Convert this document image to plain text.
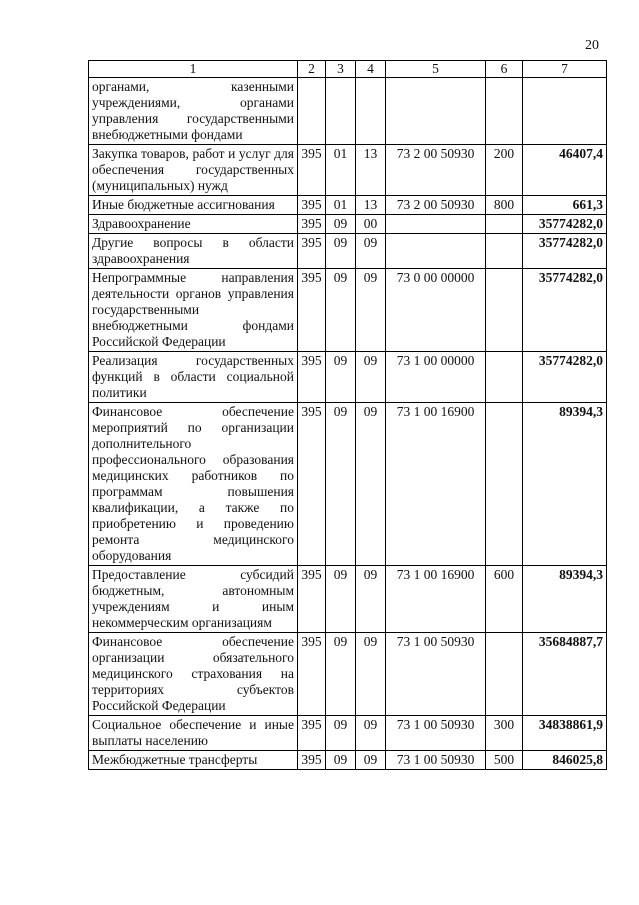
20
1	2	3	4	5	6	7
органами, казенными учреждениями, органами управления государственными внебюджетными фондами						
Закупка товаров, работ и услуг для обеспечения государственных (муниципальных) нужд	395	01	13	73 2 00 50930	200	46407,4
Иные бюджетные ассигнования	395	01	13	73 2 00 50930	800	661,3
Здравоохранение	395	09	00			35774282,0
Другие вопросы в области здравоохранения	395	09	09			35774282,0
Непрограммные направления деятельности органов управления государственными внебюджетными фондами Российской Федерации	395	09	09	73 0 00 00000		35774282,0
Реализация государственных функций в области социальной политики	395	09	09	73 1 00 00000		35774282,0
Финансовое обеспечение мероприятий по организации дополнительного профессионального образования медицинских работников по программам повышения квалификации, а также по приобретению и проведению ремонта медицинского оборудования	395	09	09	73 1 00 16900		89394,3
Предоставление субсидий бюджетным, автономным учреждениям и иным некоммерческим организациям	395	09	09	73 1 00 16900	600	89394,3
Финансовое обеспечение организации обязательного медицинского страхования на территориях субъектов Российской Федерации	395	09	09	73 1 00 50930		35684887,7
Социальное обеспечение и иные выплаты населению	395	09	09	73 1 00 50930	300	34838861,9
Межбюджетные трансферты	395	09	09	73 1 00 50930	500	846025,8
